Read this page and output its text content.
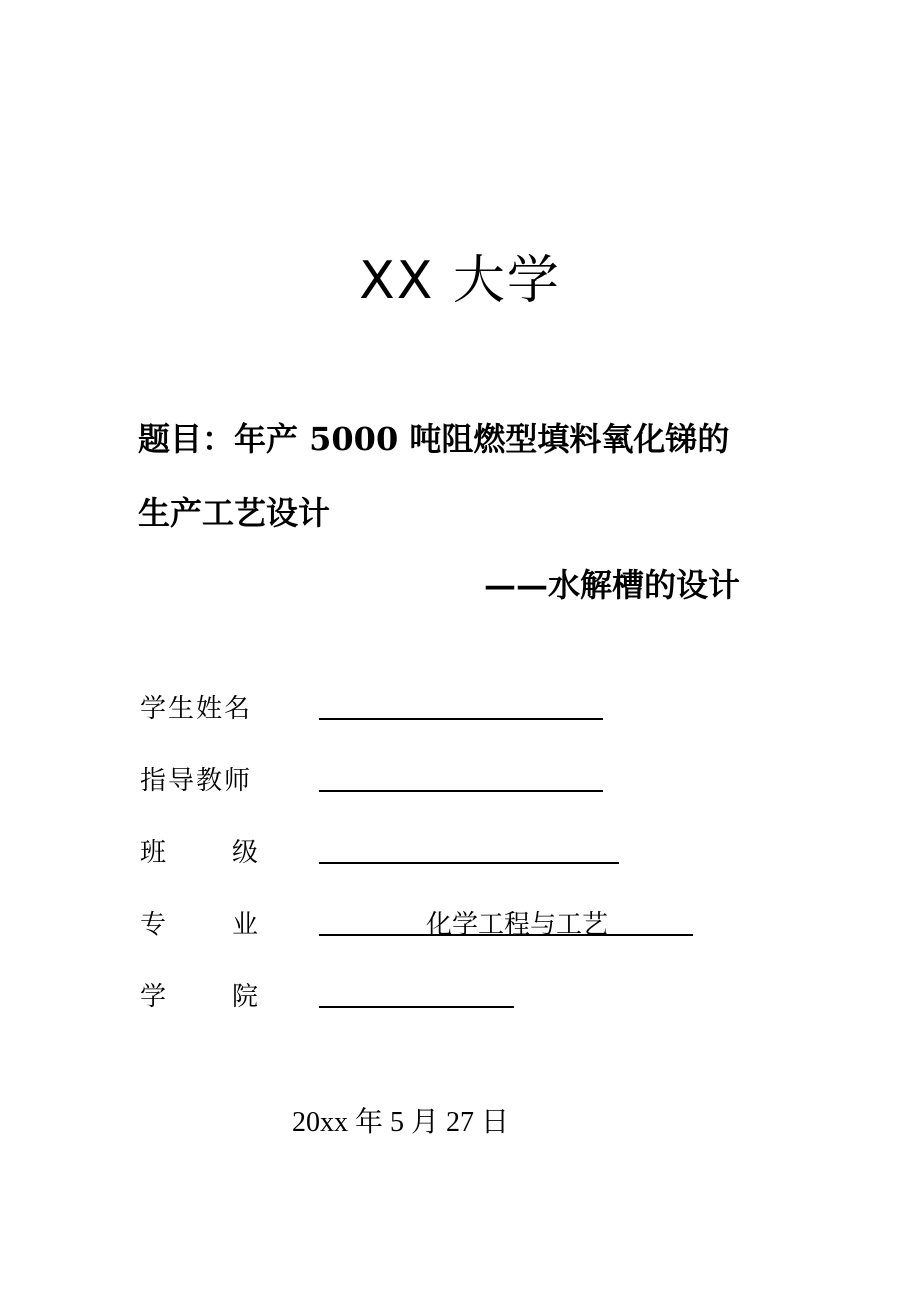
XX 大学
题目：年产 5000 吨阻燃型填料氧化锑的
生产工艺设计
——水解槽的设计
学 生 姓 名
指 导 教 师
班	级
专	业	化学工程与工艺
学	院
20xx 年 5 月 27 日
